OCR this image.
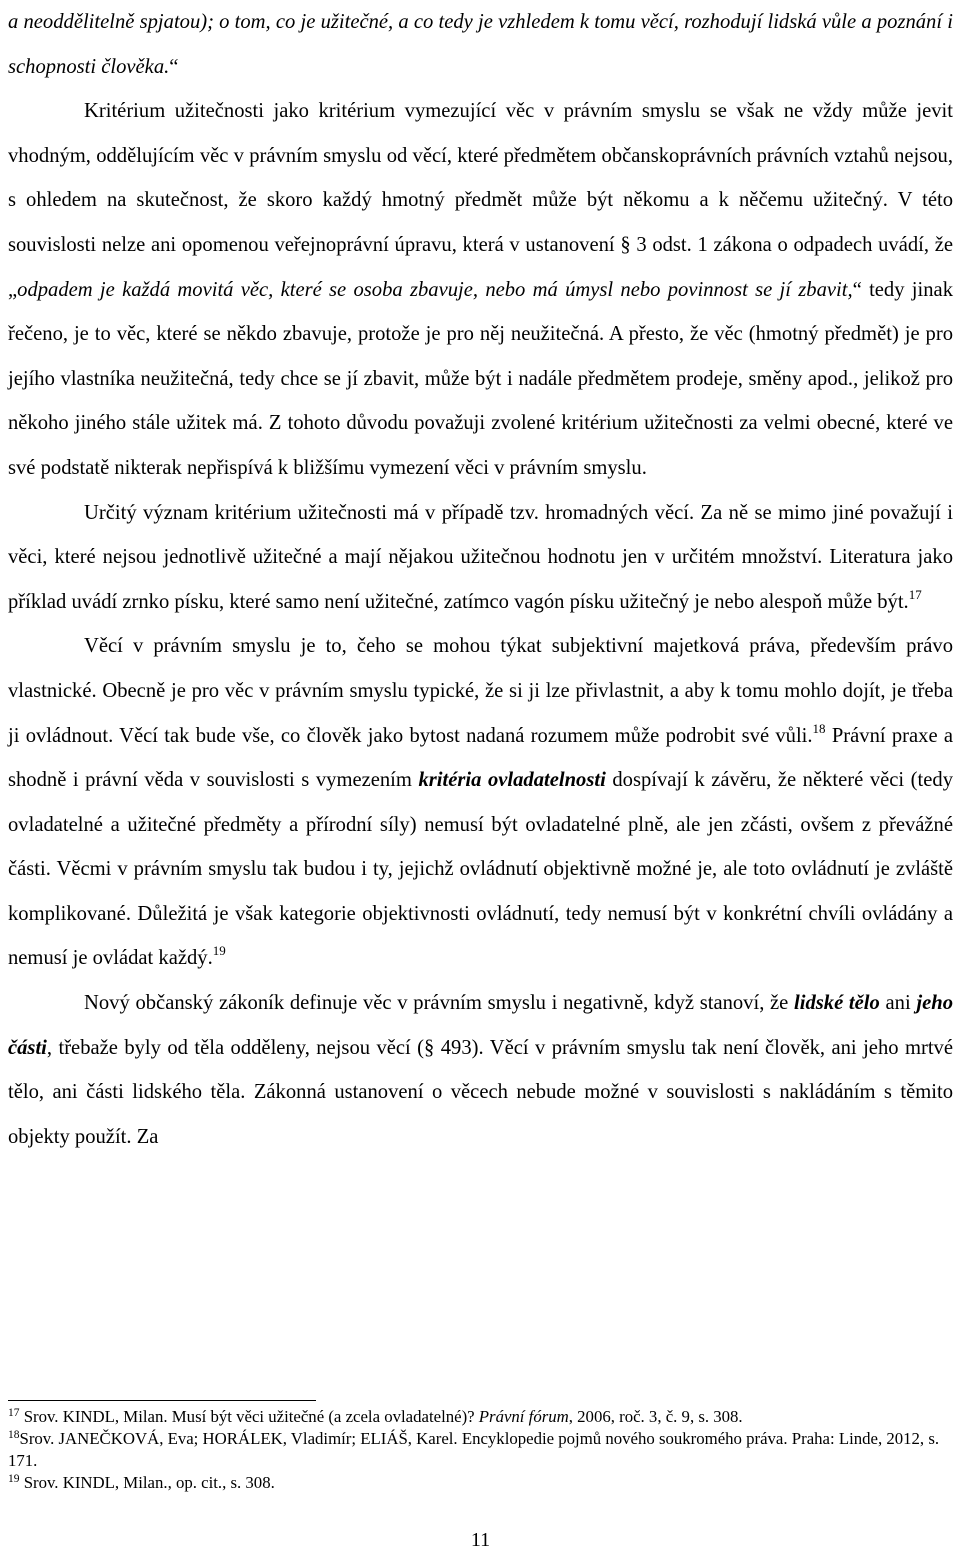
a neoddělitelně spjatou); o tom, co je užitečné, a co tedy je vzhledem k tomu věcí, rozhodují lidská vůle a poznání i schopnosti člověka.“

Kritérium užitečnosti jako kritérium vymezující věc v právním smyslu se však ne vždy může jevit vhodným, oddělujícím věc v právním smyslu od věcí, které předmětem občanskoprávních právních vztahů nejsou, s ohledem na skutečnost, že skoro každý hmotný předmět může být někomu a k něčemu užitečný. V této souvislosti nelze ani opomenou veřejnoprávní úpravu, která v ustanovení § 3 odst. 1 zákona o odpadech uvádí, že „odpadem je každá movitá věc, které se osoba zbavuje, nebo má úmysl nebo povinnost se jí zbavit,“ tedy jinak řečeno, je to věc, které se někdo zbavuje, protože je pro něj neužitečná. A přesto, že věc (hmotný předmět) je pro jejího vlastníka neužitečná, tedy chce se jí zbavit, může být i nadále předmětem prodeje, směny apod., jelikož pro někoho jiného stále užitek má. Z tohoto důvodu považuji zvolené kritérium užitečnosti za velmi obecné, které ve své podstatě nikterak nepřispívá k bližšímu vymezení věci v právním smyslu.

Určitý význam kritérium užitečnosti má v případě tzv. hromadných věcí. Za ně se mimo jiné považují i věci, které nejsou jednotlivě užitečné a mají nějakou užitečnou hodnotu jen v určitém množství. Literatura jako příklad uvádí zrnko písku, které samo není užitečné, zatímco vagón písku užitečný je nebo alespoň může být.$^{17}$

Věcí v právním smyslu je to, čeho se mohou týkat subjektivní majetková práva, především právo vlastnické. Obecně je pro věc v právním smyslu typické, že si ji lze přivlastnit, a aby k tomu mohlo dojít, je třeba ji ovládnout. Věcí tak bude vše, co člověk jako bytost nadaná rozumem může podrobit své vůli.$^{18}$ Právní praxe a shodně i právní věda v souvislosti s vymezením kritéria ovladatelnosti dospívají k závěru, že některé věci (tedy ovladatelné a užitečné předměty a přírodní síly) nemusí být ovladatelné plně, ale jen zčásti, ovšem z převážné části. Věcmi v právním smyslu tak budou i ty, jejichž ovládnutí objektivně možné je, ale toto ovládnutí je zvláště komplikované. Důležitá je však kategorie objektivnosti ovládnutí, tedy nemusí být v konkrétní chvíli ovládány a nemusí je ovládat každý.$^{19}$

Nový občanský zákoník definuje věc v právním smyslu i negativně, když stanoví, že lidské tělo ani jeho části, třebaže byly od těla odděleny, nejsou věcí (§ 493). Věcí v právním smyslu tak není člověk, ani jeho mrtvé tělo, ani části lidského těla. Zákonná ustanovení o věcech nebude možné v souvislosti s nakládáním s těmito objekty použít. Za

$^{17}$ Srov. KINDL, Milan. Musí být věci užitečné (a zcela ovladatelné)? Právní fórum, 2006, roč. 3, č. 9, s. 308.
$^{18}$Srov. JANEČKOVÁ, Eva; HORÁLEK, Vladimír; ELIÁŠ, Karel. Encyklopedie pojmů nového soukromého práva. Praha: Linde, 2012, s. 171.
$^{19}$ Srov. KINDL, Milan., op. cit., s. 308.
11
